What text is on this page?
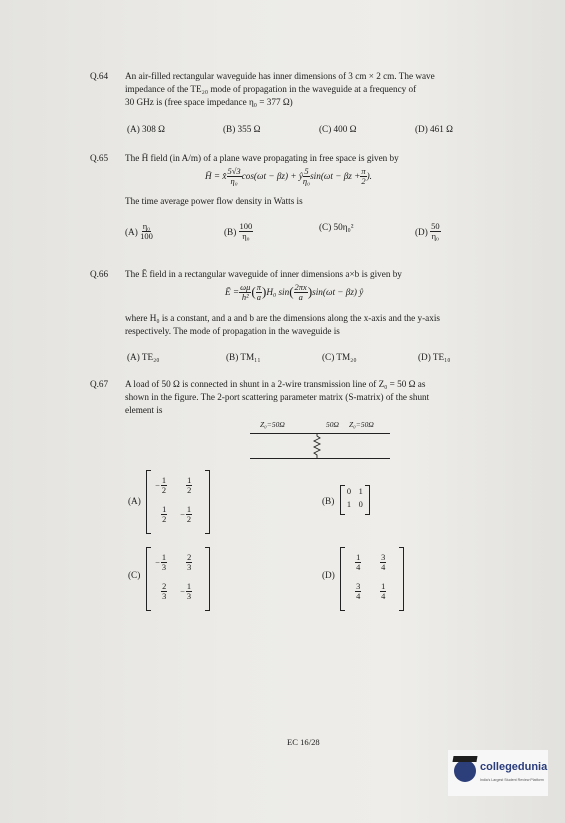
Q.64 An air-filled rectangular waveguide has inner dimensions of 3 cm × 2 cm. The wave
impedance of the TE₂₀ mode of propagation in the waveguide at a frequency of
30 GHz is (free space impedance η₀ = 377 Ω)
(A) 308 Ω	(B) 355 Ω	(C) 400 Ω	(D) 461 Ω
Q.65 The H̄ field (in A/m) of a plane wave propagating in free space is given by
H̄ = x̂ $\frac{5√3}{\text{η₀}} \cos(\omega t - \beta z)$ + ŷ $\frac{5}{\text{η₀}} \sin(\omega t - \beta z + \frac{\pi}{2}$ ).
The time average power flow density in Watts is
(A)
$\frac{\text{η₀}}{100}$	(B)
$\frac{100}{\text{η₀}}$	(C) 50η₀²	(D)
$\frac{50}{\text{η₀}}$
Q.66 The Ē field in a rectangular waveguide of inner dimensions a×b is given by
Ē = $\frac{\omega\mu}{\text{h²}}$ ( $\frac{\pi}{a}$ ) H₀ sin ( $\frac{2\pi x}{a}$ ) sin(ωt − βz) ŷ
where H₀ is a constant, and a and b are the dimensions along the x-axis and the y-axis
respectively. The mode of propagation in the waveguide is
(A) TE₂₀	(B) TM₁₁	(C) TM₂₀	(D) TE₁₀
Q.67 A load of 50 Ω is connected in shunt in a 2-wire transmission line of Z₀ = 50 Ω as
shown in the figure. The 2-port scattering parameter matrix (S-matrix) of the shunt
element is
Z₀=50Ω	50Ω Z₀=50Ω
(A)	(B)
(C)	(D)
− $\frac{1}{2} \frac{1}{2}$
$\frac{1}{2} - \frac{1}{2}$
0 1
1 0
− $\frac{1}{3} \frac{2}{3}$
$\frac{2}{3} - \frac{1}{3}$
$\frac{1}{4} \frac{3}{4}$
$\frac{3}{4} \frac{1}{4}$
EC 16/28
collegedunia
India's Largest Student Review Platform
